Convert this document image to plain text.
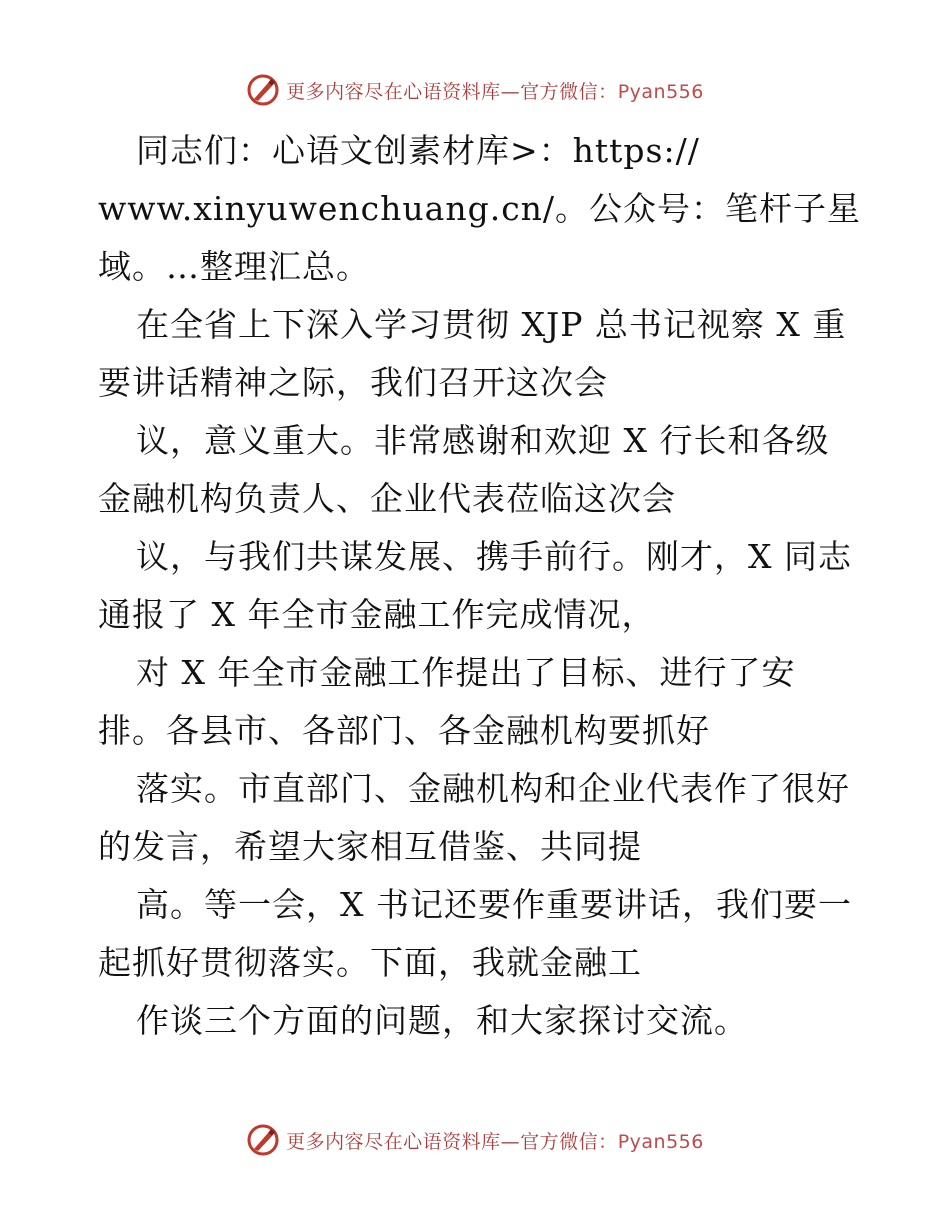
更多内容尽在心语资料库—官方微信：Pyan556
同志们：心语文创素材库>：https://
www.xinyuwenchuang.cn/。公众号：笔杆子星
域。…整理汇总。
在全省上下深入学习贯彻 XJP 总书记视察 X 重
要讲话精神之际，我们召开这次会
议，意义重大。非常感谢和欢迎 X 行长和各级
金融机构负责人、企业代表莅临这次会
议，与我们共谋发展、携手前行。刚才，X 同志
通报了 X 年全市金融工作完成情况，
对 X 年全市金融工作提出了目标、进行了安
排。各县市、各部门、各金融机构要抓好
落实。市直部门、金融机构和企业代表作了很好
的发言，希望大家相互借鉴、共同提
高。等一会，X 书记还要作重要讲话，我们要一
起抓好贯彻落实。下面，我就金融工
作谈三个方面的问题，和大家探讨交流。
更多内容尽在心语资料库—官方微信：Pyan556
